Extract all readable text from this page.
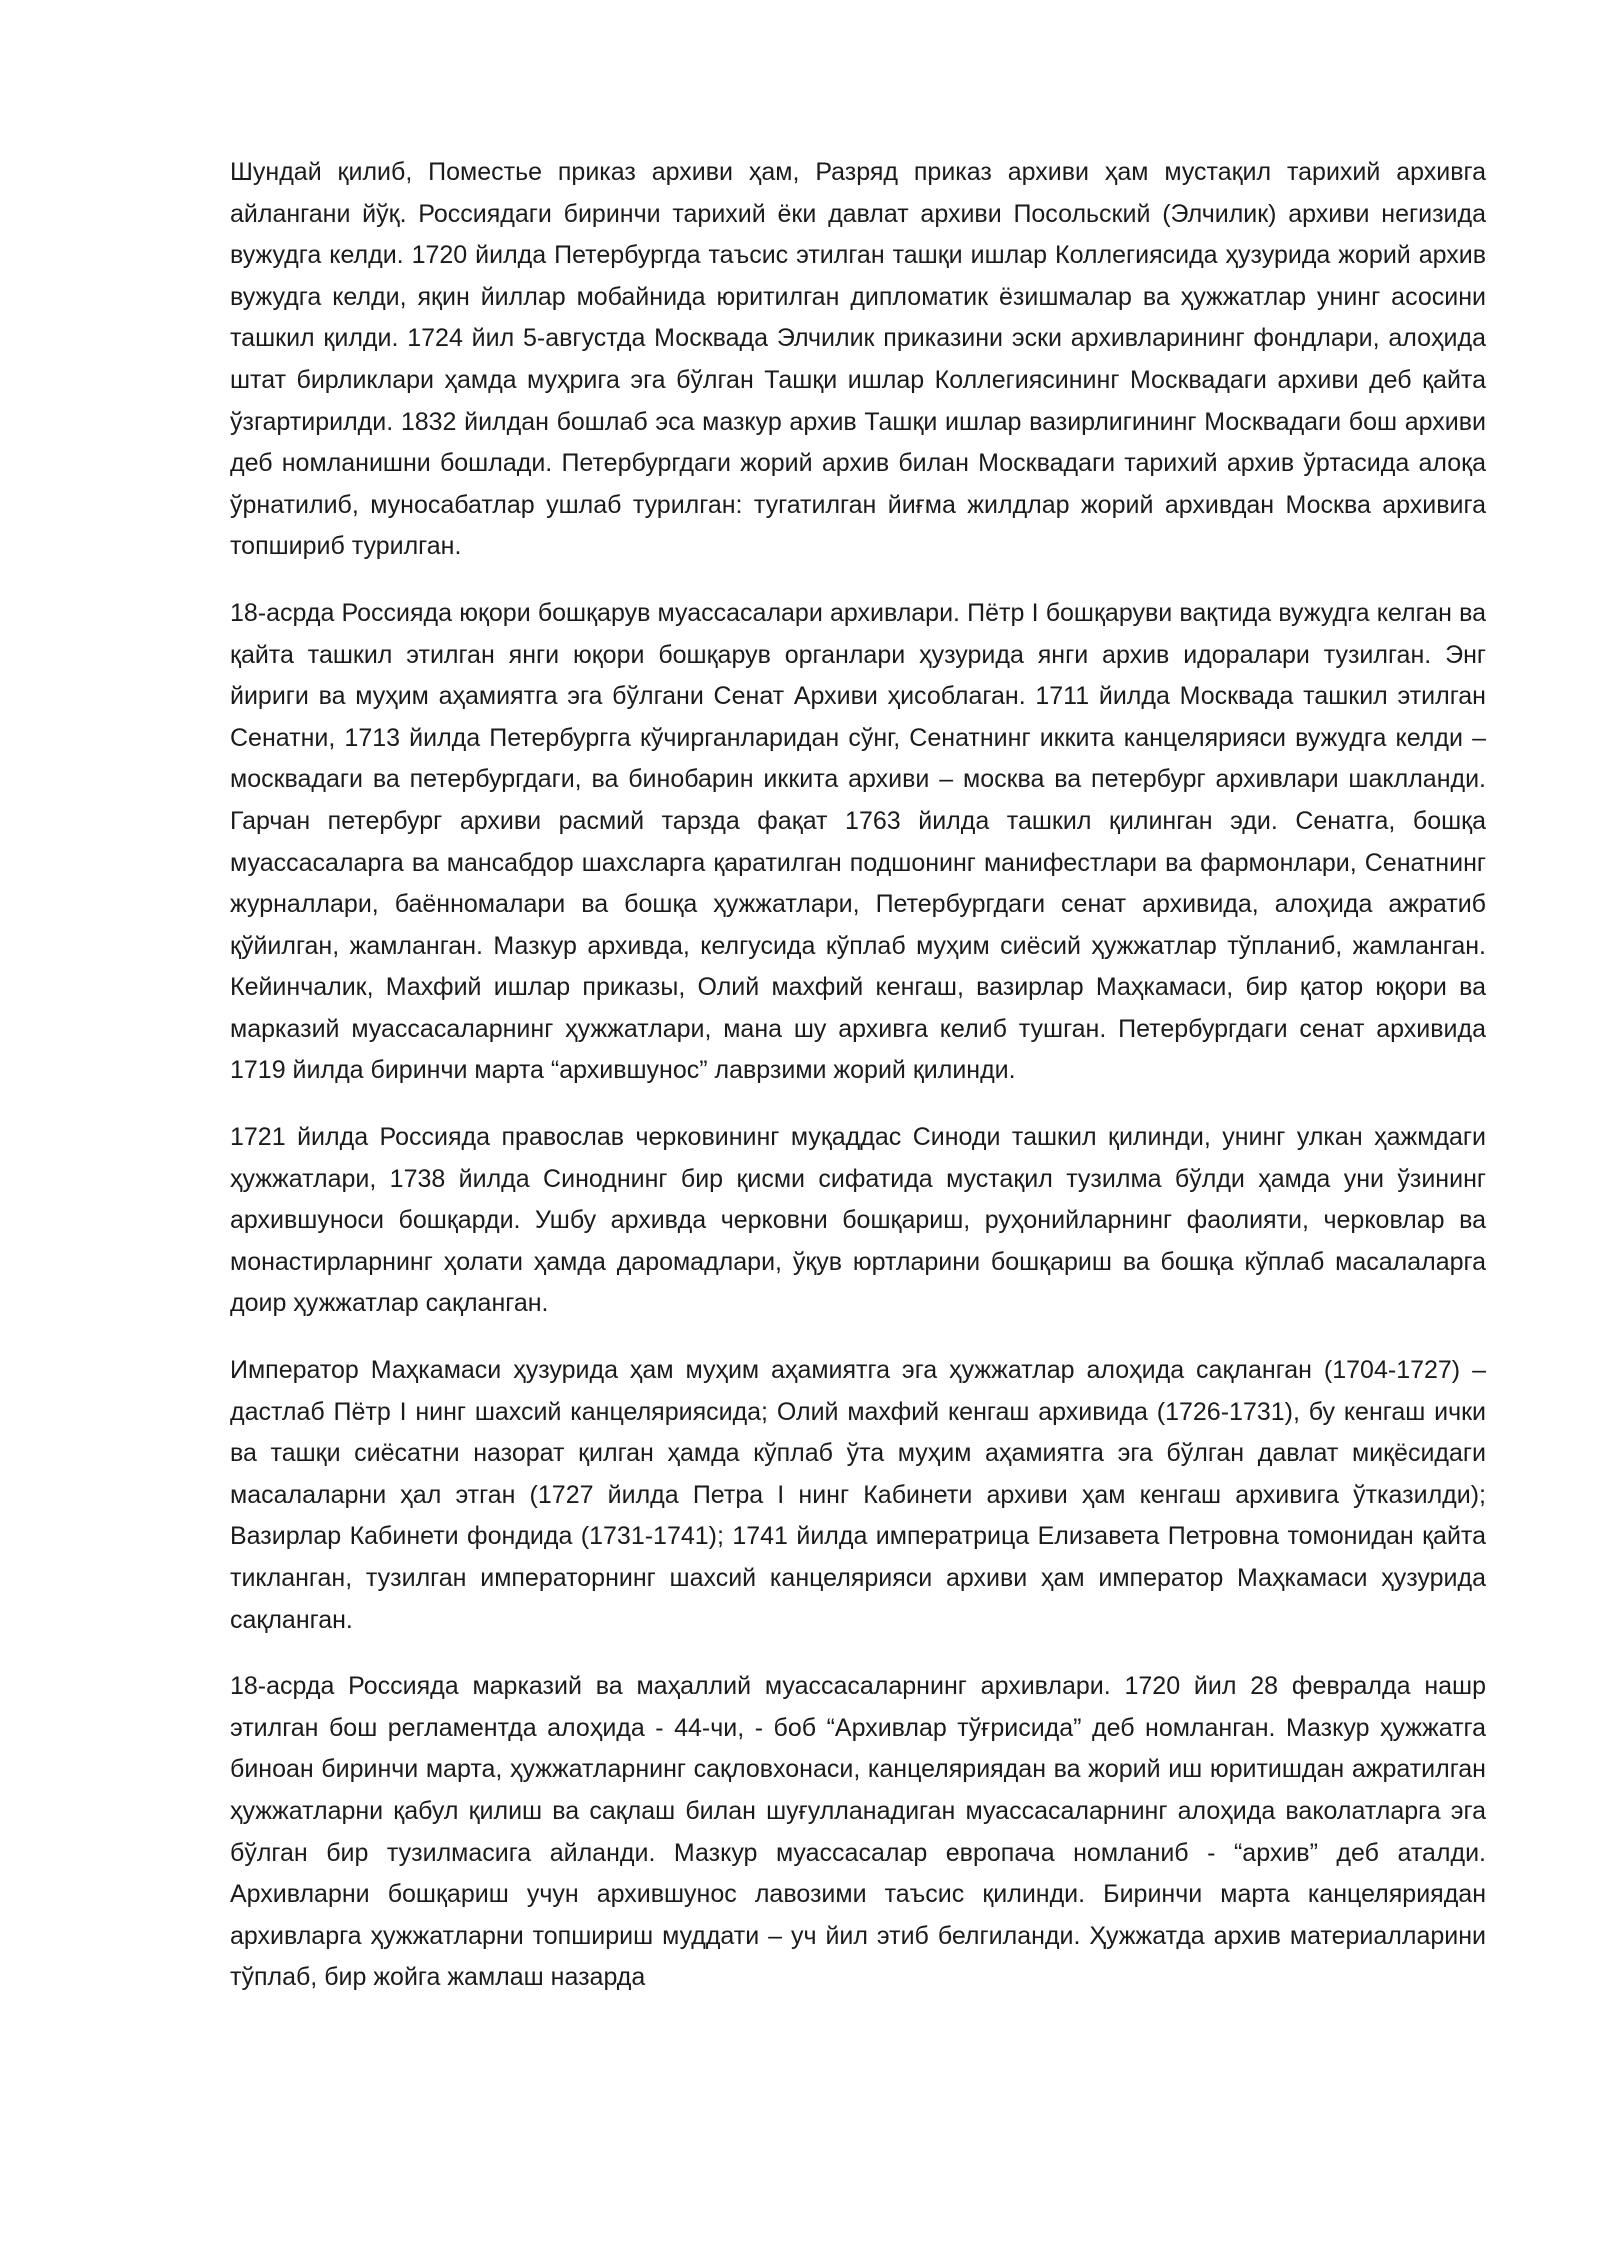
Шундай қилиб, Поместье приказ архиви ҳам, Разряд приказ архиви ҳам мустақил тарихий архивга айлангани йўқ. Россиядаги биринчи тарихий ёки давлат архиви Посольский (Элчилик) архиви негизида вужудга келди. 1720 йилда Петербургда таъсис этилган ташқи ишлар Коллегиясида ҳузурида жорий архив вужудга келди, яқин йиллар мобайнида юритилган дипломатик ёзишмалар ва ҳужжатлар унинг асосини ташкил қилди. 1724 йил 5-августда Москвада Элчилик приказини эски архивларининг фондлари, алоҳида штат бирликлари ҳамда муҳрига эга бўлган Ташқи ишлар Коллегиясининг Москвадаги архиви деб қайта ўзгартирилди. 1832 йилдан бошлаб эса мазкур архив Ташқи ишлар вазирлигининг Москвадаги бош архиви деб номланишни бошлади. Петербургдаги жорий архив билан Москвадаги тарихий архив ўртасида алоқа ўрнатилиб, муносабатлар ушлаб турилган: тугатилган йиғма жилдлар жорий архивдан Москва архивига топшириб турилган.

18-асрда Россияда юқори бошқарув муассасалари архивлари. Пётр I бошқаруви вақтида вужудга келган ва қайта ташкил этилган янги юқори бошқарув органлари ҳузурида янги архив идоралари тузилган. Энг йириги ва муҳим аҳамиятга эга бўлгани Сенат Архиви ҳисоблаган. 1711 йилда Москвада ташкил этилган Сенатни, 1713 йилда Петербургга кўчирганларидан сўнг, Сенатнинг иккита канцелярияси вужудга келди – москвадаги ва петербургдаги, ва бинобарин иккита архиви – москва ва петербург архивлари шаклланди. Гарчан петербург архиви расмий тарзда фақат 1763 йилда ташкил қилинган эди. Сенатга, бошқа муассасаларга ва мансабдор шахсларга қаратилган подшонинг манифестлари ва фармонлари, Сенатнинг журналлари, баённомалари ва бошқа ҳужжатлари, Петербургдаги сенат архивида, алоҳида ажратиб қўйилган, жамланган. Мазкур архивда, келгусида кўплаб муҳим сиёсий ҳужжатлар тўпланиб, жамланган. Кейинчалик, Махфий ишлар приказы, Олий махфий кенгаш, вазирлар Маҳкамаси, бир қатор юқори ва марказий муассасаларнинг ҳужжатлари, мана шу архивга келиб тушган. Петербургдаги сенат архивида 1719 йилда биринчи марта “архившунос” лаврзими жорий қилинди.

1721 йилда Россияда православ черковининг муқаддас Синоди ташкил қилинди, унинг улкан ҳажмдаги ҳужжатлари, 1738 йилда Синоднинг бир қисми сифатида мустақил тузилма бўлди ҳамда уни ўзининг архившуноси бошқарди. Ушбу архивда черковни бошқариш, руҳонийларнинг фаолияти, черковлар ва монастирларнинг ҳолати ҳамда даромадлари, ўқув юртларини бошқариш ва бошқа кўплаб масалаларга доир ҳужжатлар сақланган.

Император Маҳкамаси ҳузурида ҳам муҳим аҳамиятга эга ҳужжатлар алоҳида сақланган (1704-1727) – дастлаб Пётр I нинг шахсий канцеляриясида; Олий махфий кенгаш архивида (1726-1731), бу кенгаш ички ва ташқи сиёсатни назорат қилган ҳамда кўплаб ўта муҳим аҳамиятга эга бўлган давлат миқёсидаги масалаларни ҳал этган (1727 йилда Петра I нинг Кабинети архиви ҳам кенгаш архивига ўтказилди); Вазирлар Кабинети фондида (1731-1741); 1741 йилда императрица Елизавета Петровна томонидан қайта тикланган, тузилган императорнинг шахсий канцелярияси архиви ҳам император Маҳкамаси ҳузурида сақланган.

18-асрда Россияда марказий ва маҳаллий муассасаларнинг архивлари. 1720 йил 28 февралда нашр этилган бош регламентда алоҳида - 44-чи, - боб “Архивлар тўғрисида” деб номланган. Мазкур ҳужжатга биноан биринчи марта, ҳужжатларнинг сақловхонаси, канцеляриядан ва жорий иш юритишдан ажратилган ҳужжатларни қабул қилиш ва сақлаш билан шуғулланадиган муассасаларнинг алоҳида ваколатларга эга бўлган бир тузилмасига айланди. Мазкур муассасалар европача номланиб - “архив” деб аталди. Архивларни бошқариш учун архившунос лавозими таъсис қилинди. Биринчи марта канцеляриядан архивларга ҳужжатларни топшириш муддати – уч йил этиб белгиланди. Ҳужжатда архив материалларини тўплаб, бир жойга жамлаш назарда
